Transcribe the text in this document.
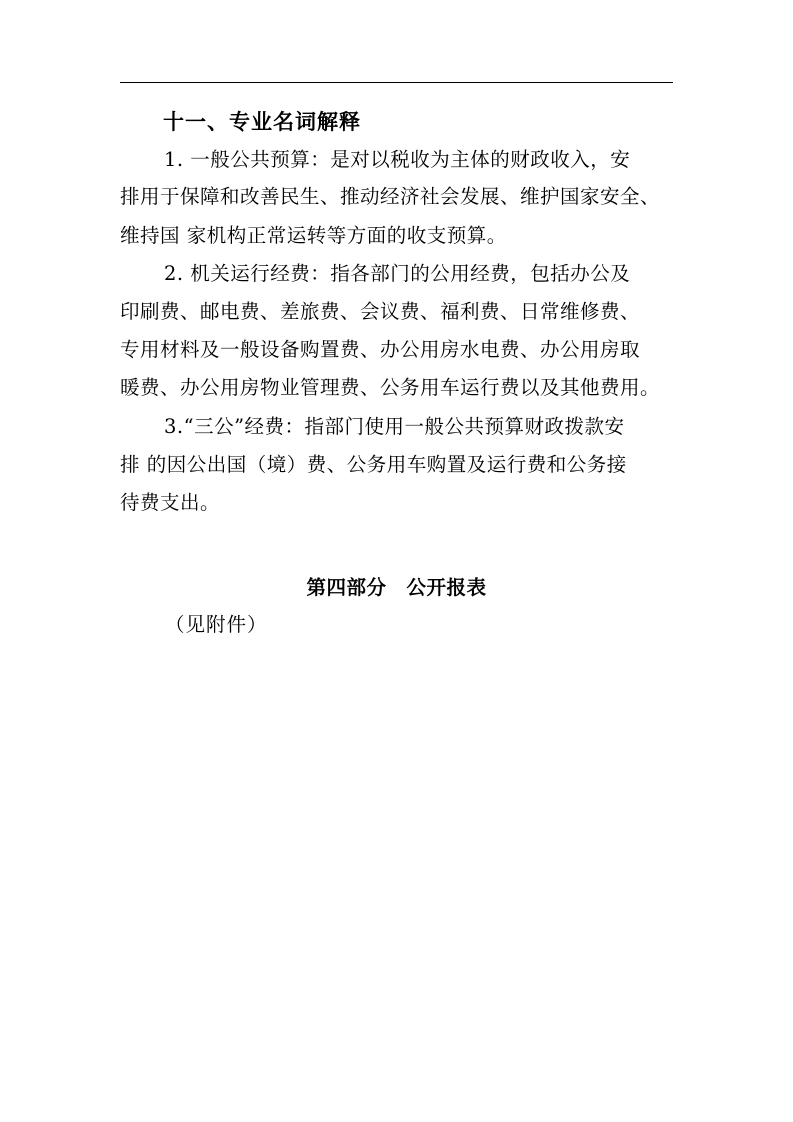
十一、专业名词解释
1. 一般公共预算：是对以税收为主体的财政收入，安
排用于保障和改善民生、推动经济社会发展、维护国家安全、
维持国 家机构正常运转等方面的收支预算。
2. 机关运行经费：指各部门的公用经费，包括办公及
印刷费、邮电费、差旅费、会议费、福利费、日常维修费、
专用材料及一般设备购置费、办公用房水电费、办公用房取
暖费、办公用房物业管理费、公务用车运行费以及其他费用。
3.“三公”经费：指部门使用一般公共预算财政拨款安
排 的因公出国（境）费、公务用车购置及运行费和公务接
待费支出。
第四部分　公开报表
（见附件）
